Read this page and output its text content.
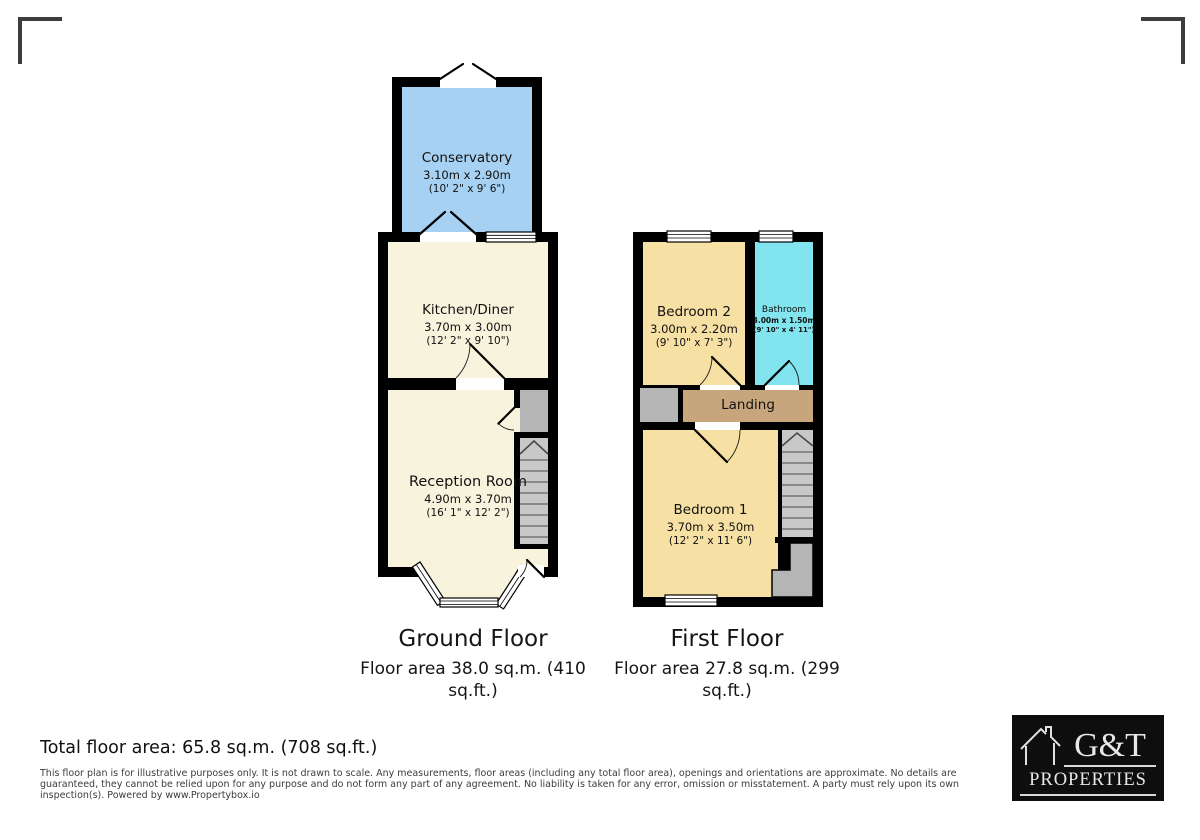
Conservatory
3.10m x 2.90m
(10' 2" x 9' 6")
Kitchen/Diner
3.70m x 3.00m
(12' 2" x 9' 10")
Reception Room
4.90m x 3.70m
(16' 1" x 12' 2")
Bedroom 2
3.00m x 2.20m
(9' 10" x 7' 3")
Bathroom
3.00m x 1.50m
(9' 10" x 4' 11")
Landing
Bedroom 1
3.70m x 3.50m
(12' 2" x 11' 6")
Ground Floor
Floor area 38.0 sq.m. (410 sq.ft.)
First Floor
Floor area 27.8 sq.m. (299 sq.ft.)
Total floor area: 65.8 sq.m. (708 sq.ft.)
This floor plan is for illustrative purposes only. It is not drawn to scale. Any measurements, floor areas (including any total floor area), openings and orientations are approximate. No details are guaranteed, they cannot be relied upon for any purpose and do not form any part of any agreement. No liability is taken for any error, omission or misstatement. A party must rely upon its own inspection(s). Powered by www.Propertybox.io
G&T
PROPERTIES
